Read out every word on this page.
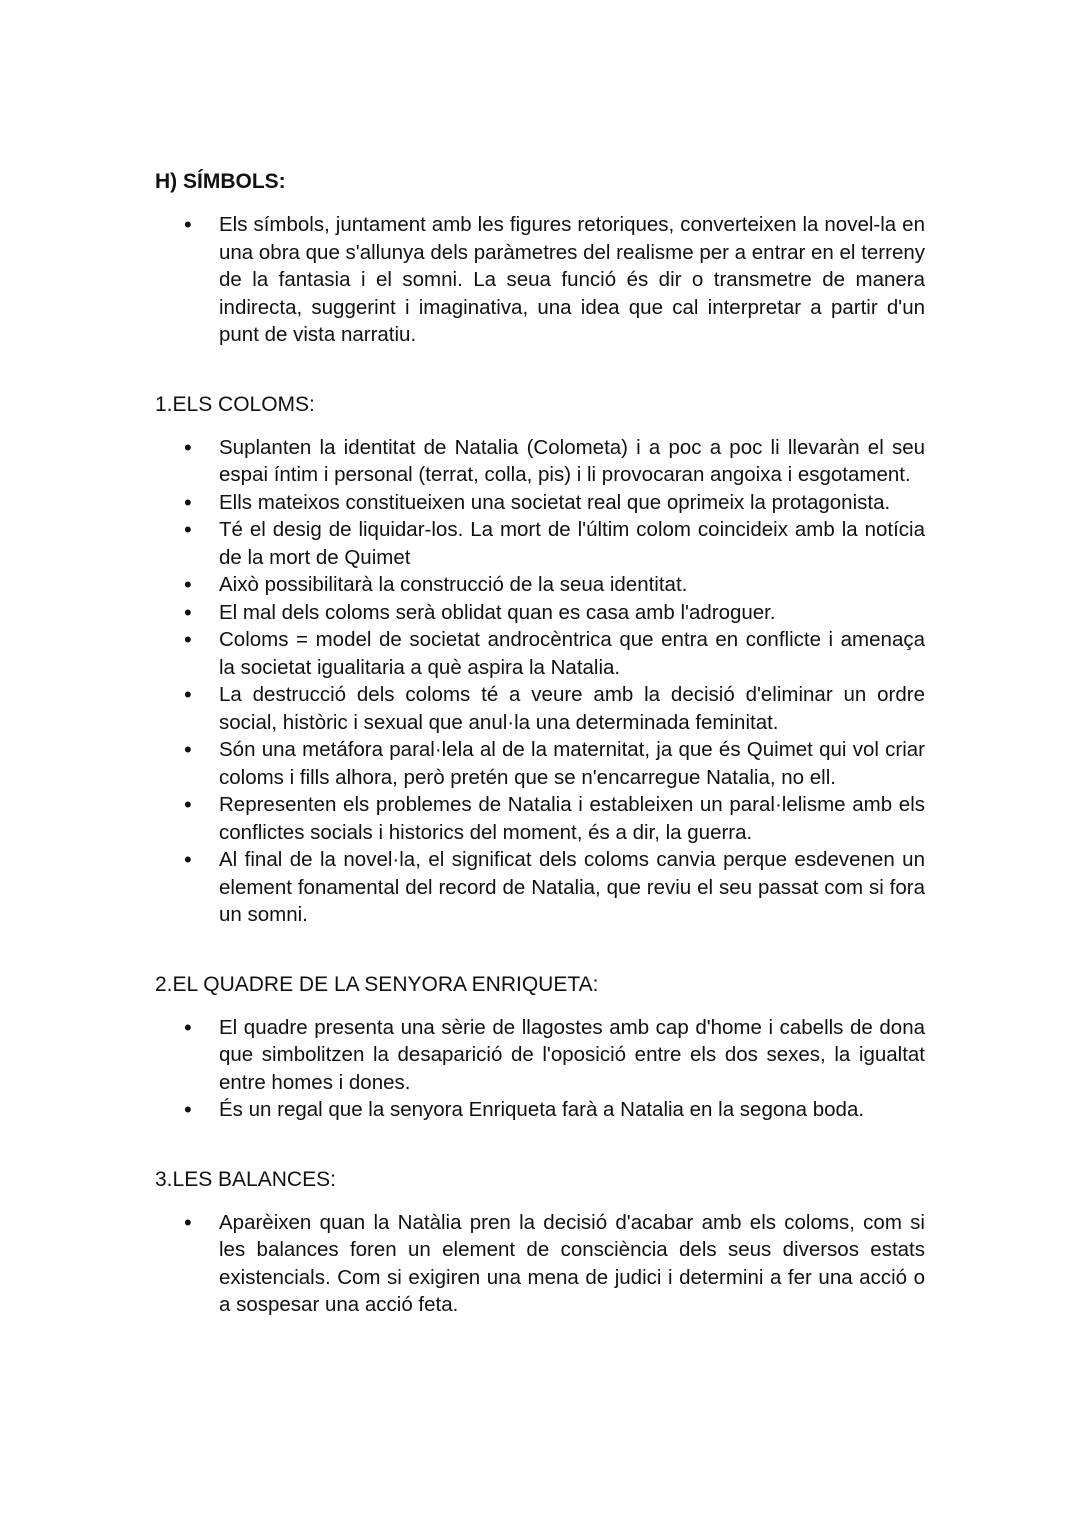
H) SÍMBOLS:
• Els símbols, juntament amb les figures retoriques, converteixen la novel-la en una obra que s'allunya dels paràmetres del realisme per a entrar en el terreny de la fantasia i el somni. La seua funció és dir o transmetre de manera indirecta, suggerint i imaginativa, una idea que cal interpretar a partir d'un punt de vista narratiu.
1.ELS COLOMS:
• Suplanten la identitat de Natalia (Colometa) i a poc a poc li llevaràn el seu espai íntim i personal (terrat, colla, pis) i li provocaran angoixa i esgotament.
• Ells mateixos constitueixen una societat real que oprimeix la protagonista.
• Té el desig de liquidar-los. La mort de l'últim colom coincideix amb la notícia de la mort de Quimet
• Això possibilitarà la construcció de la seua identitat.
• El mal dels coloms serà oblidat quan es casa amb l'adroguer.
• Coloms = model de societat androcèntrica que entra en conflicte i amenaça la societat igualitaria a què aspira la Natalia.
• La destrucció dels coloms té a veure amb la decisió d'eliminar un ordre social, històric i sexual que anul·la una determinada feminitat.
• Són una metáfora paral·lela al de la maternitat, ja que és Quimet qui vol criar coloms i fills alhora, però pretén que se n'encarregue Natalia, no ell.
• Representen els problemes de Natalia i estableixen un paral·lelisme amb els conflictes socials i historics del moment, és a dir, la guerra.
• Al final de la novel·la, el significat dels coloms canvia perque esdevenen un element fonamental del record de Natalia, que reviu el seu passat com si fora un somni.
2.EL QUADRE DE LA SENYORA ENRIQUETA:
• El quadre presenta una sèrie de llagostes amb cap d'home i cabells de dona que simbolitzen la desaparició de l'oposició entre els dos sexes, la igualtat entre homes i dones.
• És un regal que la senyora Enriqueta farà a Natalia en la segona boda.
3.LES BALANCES:
• Aparèixen quan la Natàlia pren la decisió d'acabar amb els coloms, com si les balances foren un element de consciència dels seus diversos estats existencials. Com si exigiren una mena de judici i determini a fer una acció o a sospesar una acció feta.
